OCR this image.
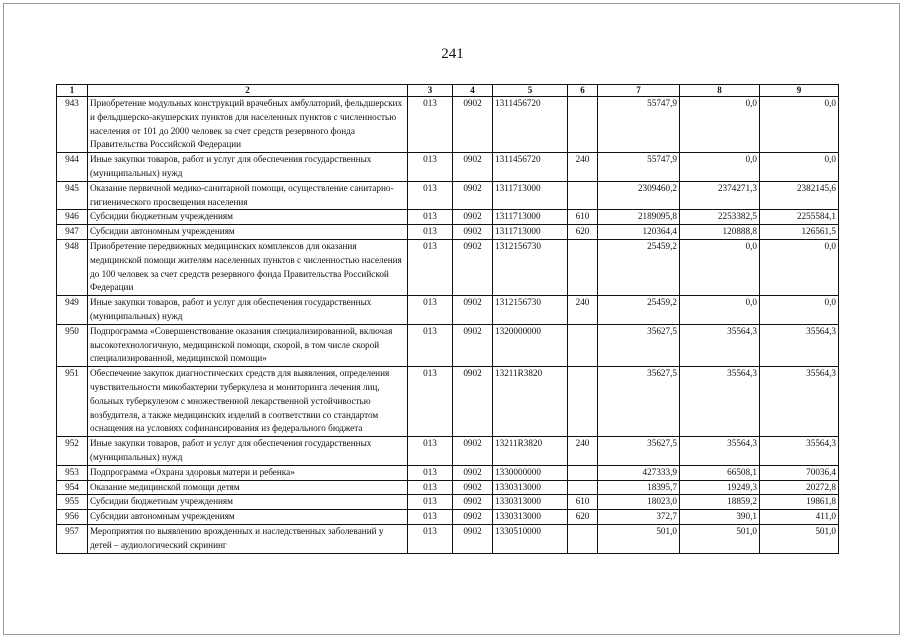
241
1	2	3	4	5	6	7	8	9
943	Приобретение модульных конструкций врачебных амбулаторий, фельдшерских и фельдшерско-акушерских пунктов для населенных пунктов с численностью населения от 101 до 2000 человек за счет средств резервного фонда Правительства Российской Федерации	013	0902	1311456720		55747,9	0,0	0,0
944	Иные закупки товаров, работ и услуг для обеспечения государственных (муниципальных) нужд	013	0902	1311456720	240	55747,9	0,0	0,0
945	Оказание первичной медико-санитарной помощи, осуществление санитарно-гигиенического просвещения населения	013	0902	1311713000		2309460,2	2374271,3	2382145,6
946	Субсидии бюджетным учреждениям	013	0902	1311713000	610	2189095,8	2253382,5	2255584,1
947	Субсидии автономным учреждениям	013	0902	1311713000	620	120364,4	120888,8	126561,5
948	Приобретение передвижных медицинских комплексов для оказания медицинской помощи жителям населенных пунктов с численностью населения до 100 человек за счет средств резервного фонда Правительства Российской Федерации	013	0902	1312156730		25459,2	0,0	0,0
949	Иные закупки товаров, работ и услуг для обеспечения государственных (муниципальных) нужд	013	0902	1312156730	240	25459,2	0,0	0,0
950	Подпрограмма «Совершенствование оказания специализированной, включая высокотехнологичную, медицинской помощи, скорой, в том числе скорой специализированной, медицинской помощи»	013	0902	1320000000		35627,5	35564,3	35564,3
951	Обеспечение закупок диагностических средств для выявления, определения чувствительности микобактерии туберкулеза и мониторинга лечения лиц, больных туберкулезом с множественной лекарственной устойчивостью возбудителя, а также медицинских изделий в соответствии со стандартом оснащения на условиях софинансирования из федерального бюджета	013	0902	13211R3820		35627,5	35564,3	35564,3
952	Иные закупки товаров, работ и услуг для обеспечения государственных (муниципальных) нужд	013	0902	13211R3820	240	35627,5	35564,3	35564,3
953	Подпрограмма «Охрана здоровья матери и ребенка»	013	0902	1330000000		427333,9	66508,1	70036,4
954	Оказание медицинской помощи детям	013	0902	1330313000		18395,7	19249,3	20272,8
955	Субсидии бюджетным учреждениям	013	0902	1330313000	610	18023,0	18859,2	19861,8
956	Субсидии автономным учреждениям	013	0902	1330313000	620	372,7	390,1	411,0
957	Мероприятия по выявлению врожденных и наследственных заболеваний у детей – аудиологический скрининг	013	0902	1330510000		501,0	501,0	501,0
